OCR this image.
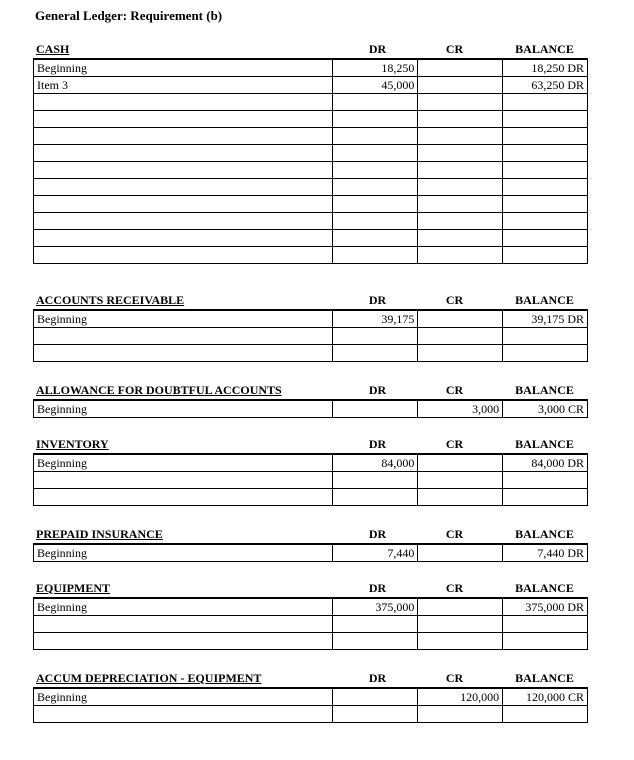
General Ledger: Requirement (b)
CASH	DR	CR	BALANCE
Beginning	18,250		18,250 DR
Item 3	45,000		63,250 DR

ACCOUNTS RECEIVABLE	DR	CR	BALANCE
Beginning	39,175		39,175 DR

ALLOWANCE FOR DOUBTFUL ACCOUNTS	DR	CR	BALANCE
Beginning		3,000	3,000 CR
INVENTORY	DR	CR	BALANCE
Beginning	84,000		84,000 DR

PREPAID INSURANCE	DR	CR	BALANCE
Beginning	7,440		7,440 DR
EQUIPMENT	DR	CR	BALANCE
Beginning	375,000		375,000 DR

ACCUM DEPRECIATION - EQUIPMENT	DR	CR	BALANCE
Beginning		120,000	120,000 CR
